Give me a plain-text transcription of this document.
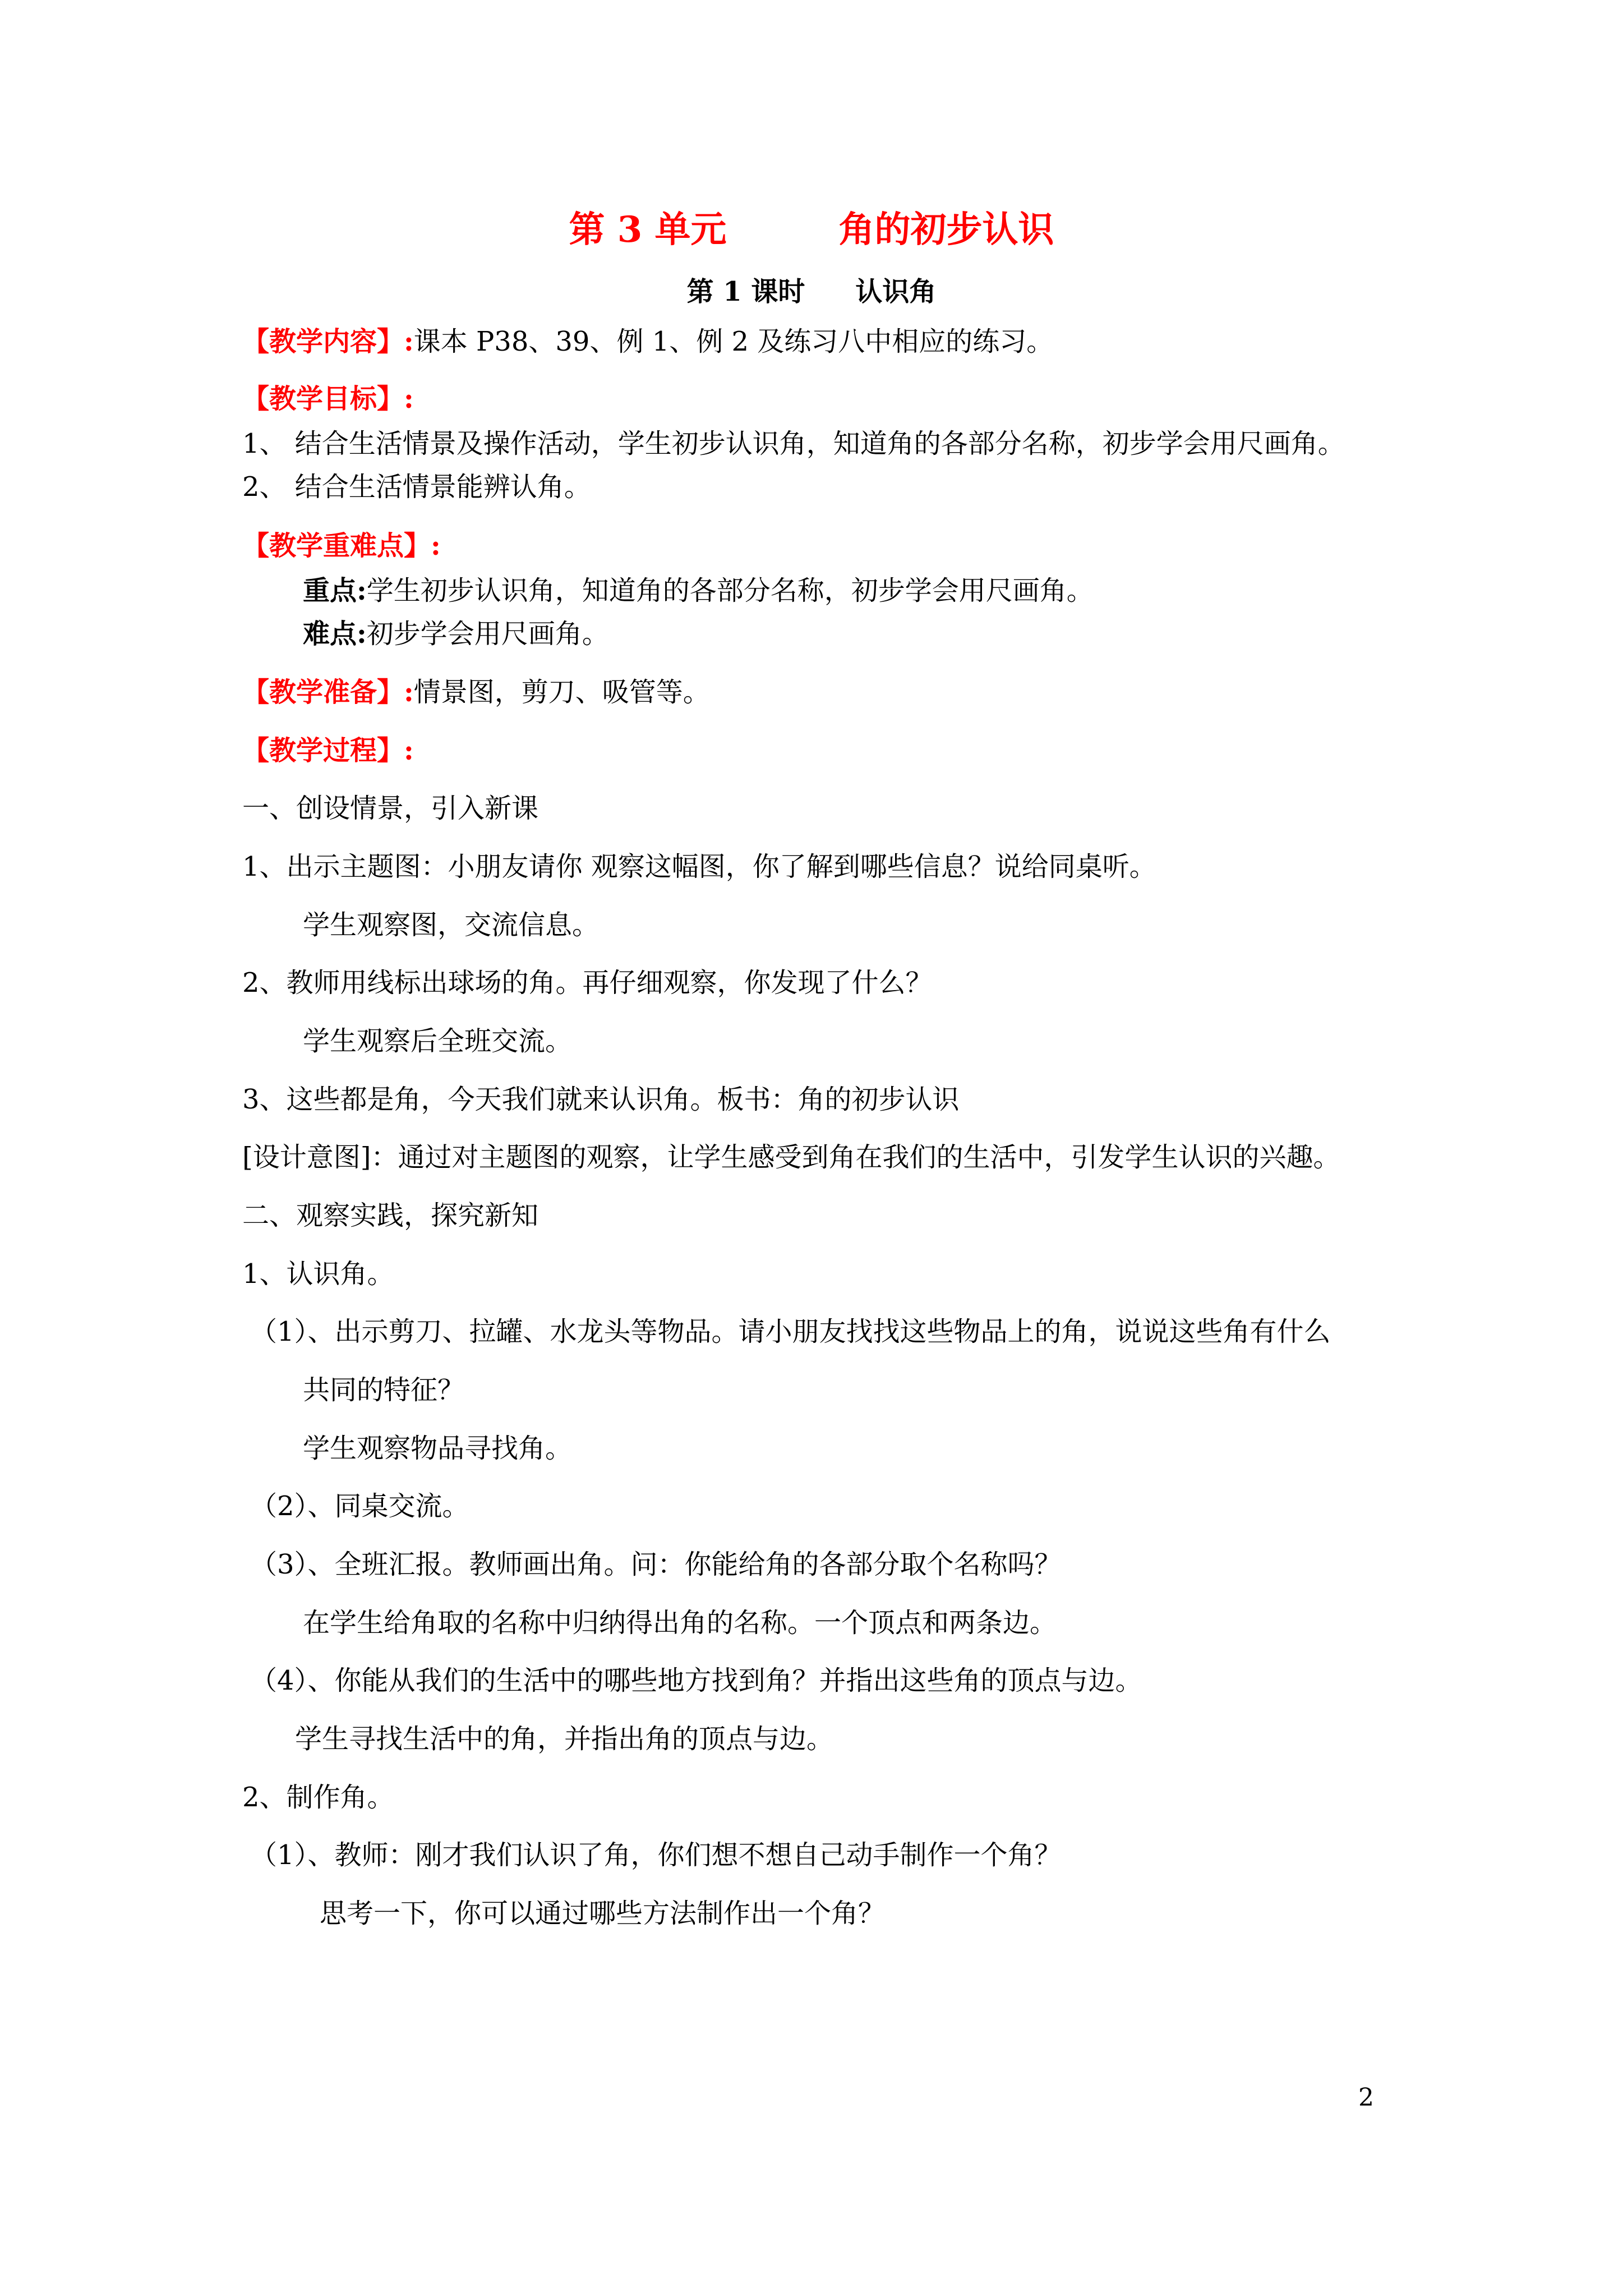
第 3 单元	角的初步认识
第 1 课时 认识角
【教学内容】:课本 P38、39、例 1、例 2 及练习八中相应的练习。
【教学目标】:
1、 结合生活情景及操作活动，学生初步认识角，知道角的各部分名称，初步学会用尺画角。
2、 结合生活情景能辨认角。
【教学重难点】:
重点:学生初步认识角，知道角的各部分名称，初步学会用尺画角。
难点:初步学会用尺画角。
【教学准备】:情景图，剪刀、吸管等。
【教学过程】:
一、创设情景，引入新课
1、出示主题图：小朋友请你 观察这幅图，你了解到哪些信息？说给同桌听。
学生观察图，交流信息。
2、教师用线标出球场的角。再仔细观察，你发现了什么？
学生观察后全班交流。
3、这些都是角，今天我们就来认识角。板书：角的初步认识
[设计意图]：通过对主题图的观察，让学生感受到角在我们的生活中，引发学生认识的兴趣。
二、观察实践，探究新知
1、认识角。
（1）、出示剪刀、拉罐、水龙头等物品。请小朋友找找这些物品上的角，说说这些角有什么
共同的特征？
学生观察物品寻找角。
（2）、同桌交流。
（3）、全班汇报。教师画出角。问：你能给角的各部分取个名称吗？
在学生给角取的名称中归纳得出角的名称。一个顶点和两条边。
（4）、你能从我们的生活中的哪些地方找到角？并指出这些角的顶点与边。
学生寻找生活中的角，并指出角的顶点与边。
2、制作角。
（1）、教师：刚才我们认识了角，你们想不想自己动手制作一个角？
思考一下，你可以通过哪些方法制作出一个角？
2
